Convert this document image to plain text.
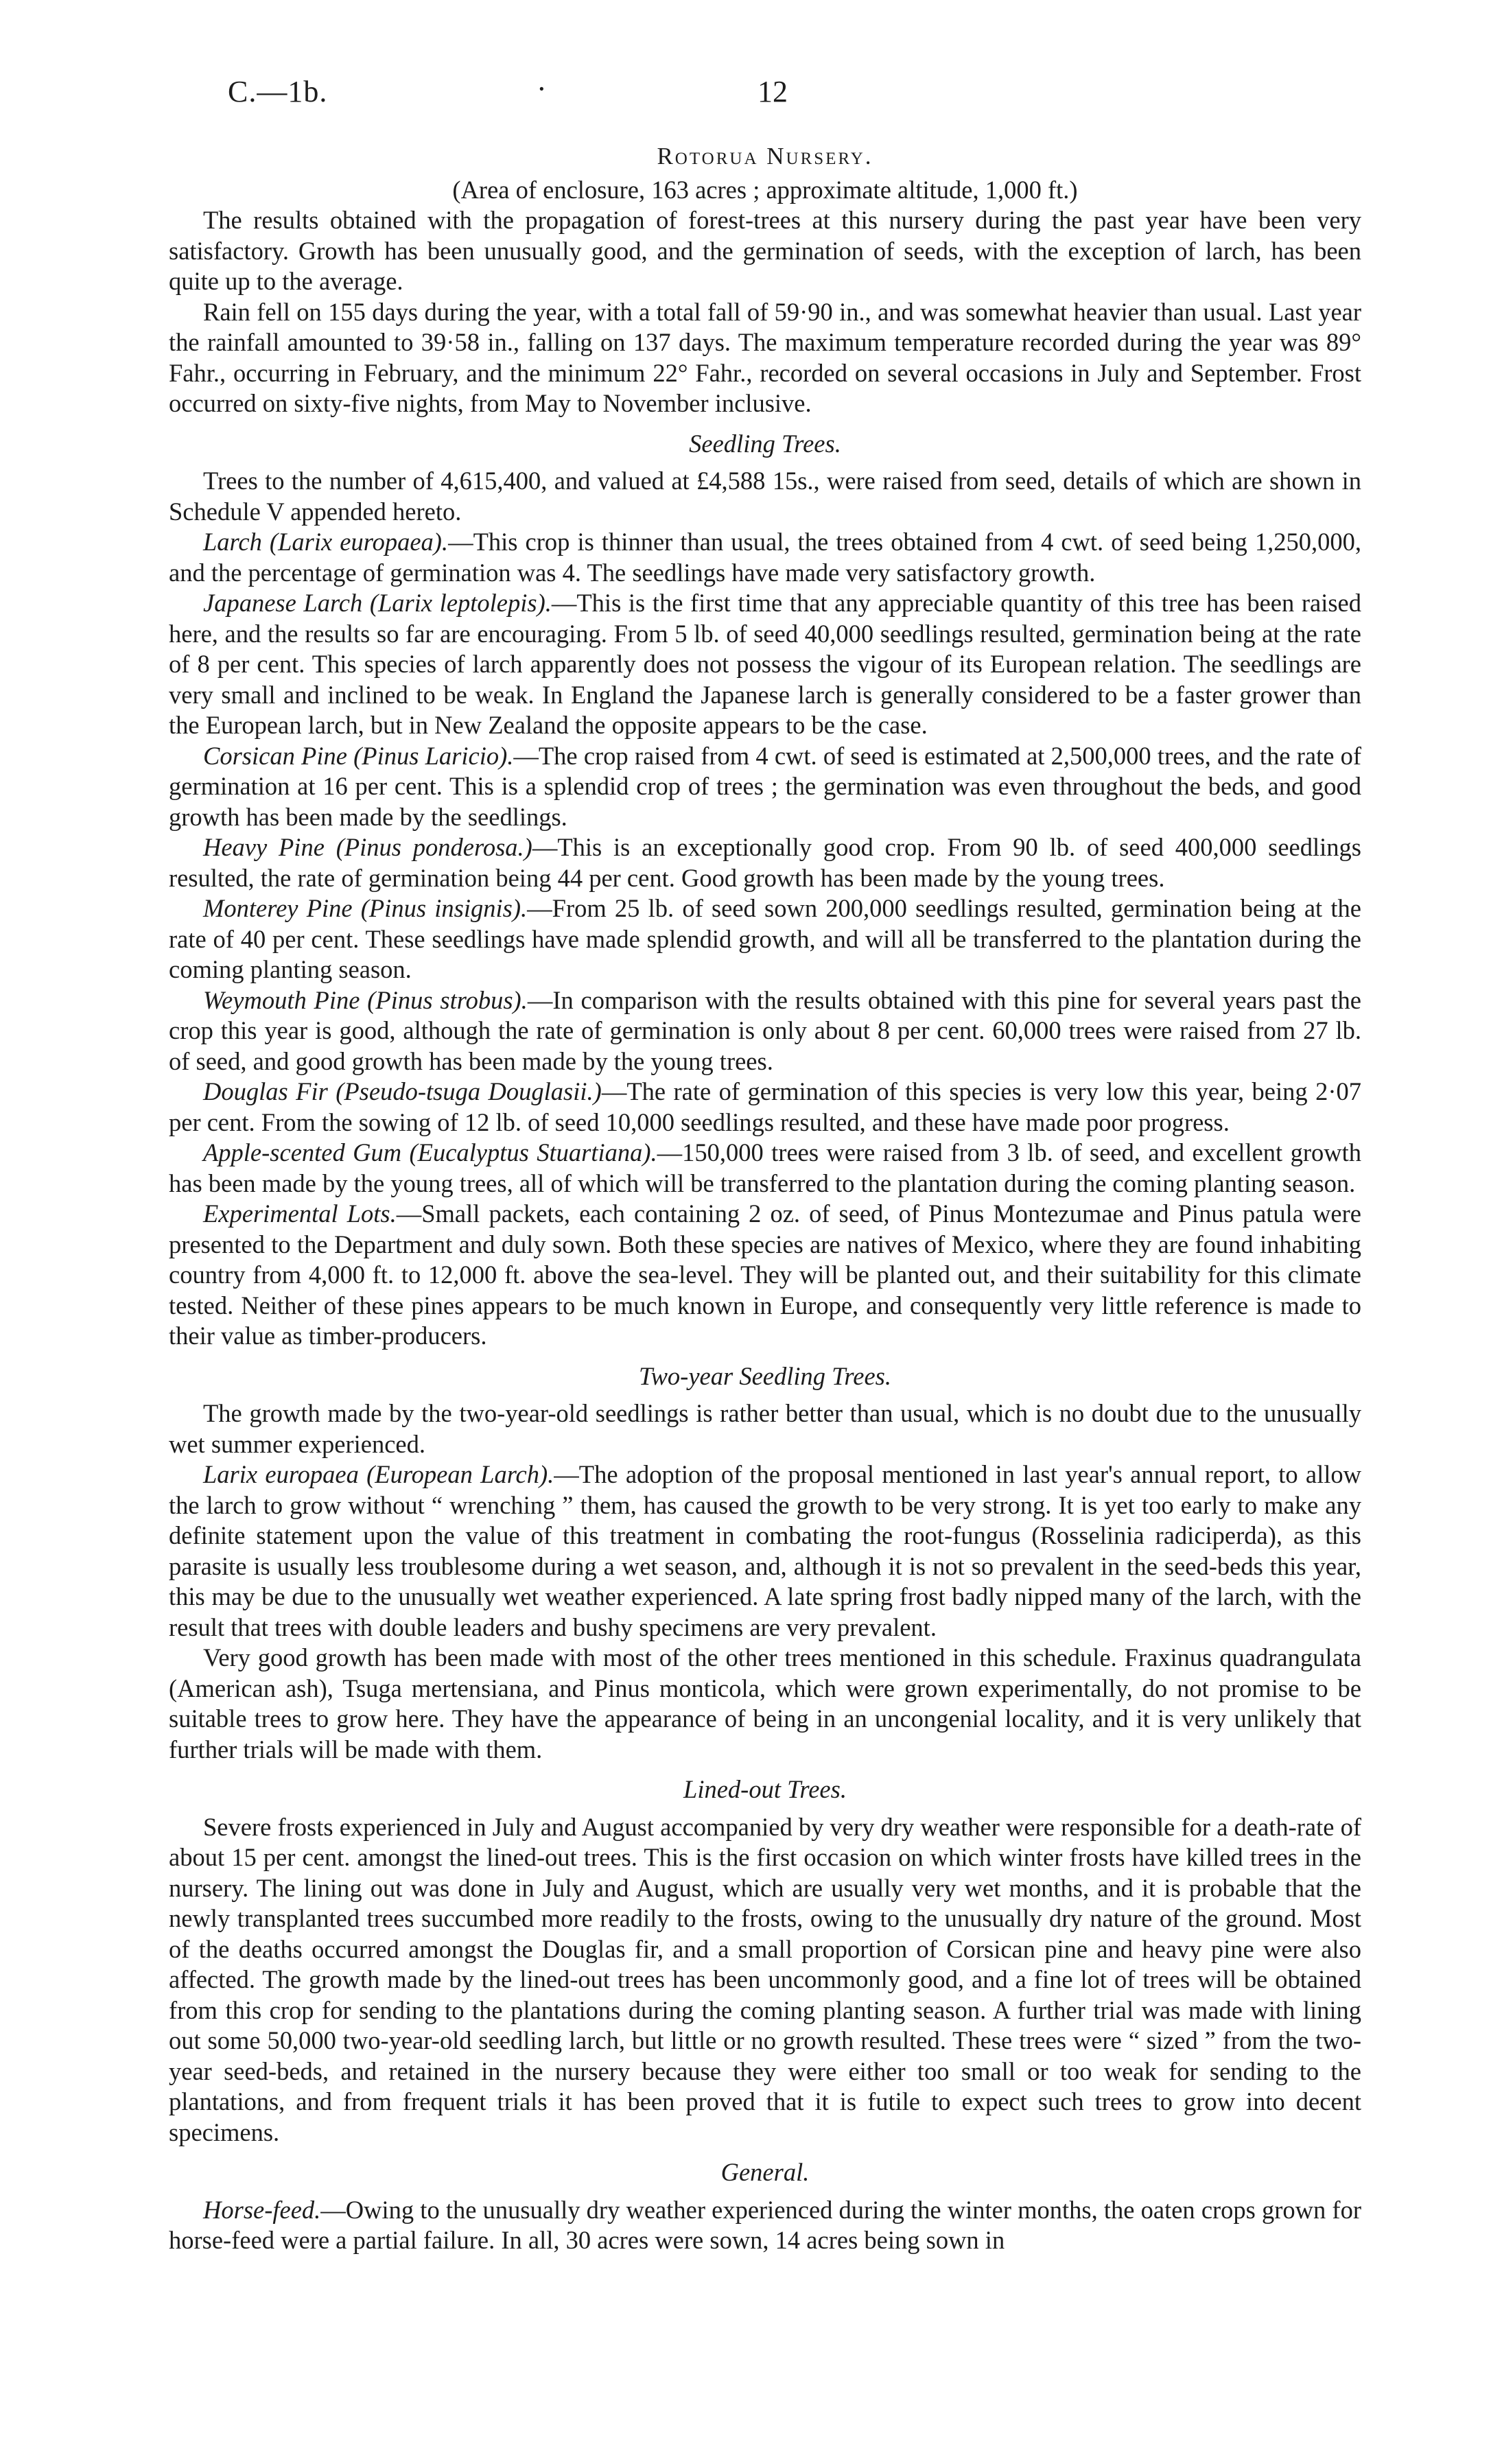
C.—1b.	·	12
Rotorua Nursery.
(Area of enclosure, 163 acres ; approximate altitude, 1,000 ft.)

The results obtained with the propagation of forest-trees at this nursery during the past year have been very satisfactory. Growth has been unusually good, and the germination of seeds, with the exception of larch, has been quite up to the average.

Rain fell on 155 days during the year, with a total fall of 59·90 in., and was somewhat heavier than usual. Last year the rainfall amounted to 39·58 in., falling on 137 days. The maximum temperature recorded during the year was 89° Fahr., occurring in February, and the minimum 22° Fahr., recorded on several occasions in July and September. Frost occurred on sixty-five nights, from May to November inclusive.

Seedling Trees.

Trees to the number of 4,615,400, and valued at £4,588 15s., were raised from seed, details of which are shown in Schedule V appended hereto.

Larch (Larix europaea).—This crop is thinner than usual, the trees obtained from 4 cwt. of seed being 1,250,000, and the percentage of germination was 4. The seedlings have made very satisfactory growth.

Japanese Larch (Larix leptolepis).—This is the first time that any appreciable quantity of this tree has been raised here, and the results so far are encouraging. From 5 lb. of seed 40,000 seedlings resulted, germination being at the rate of 8 per cent. This species of larch apparently does not possess the vigour of its European relation. The seedlings are very small and inclined to be weak. In England the Japanese larch is generally considered to be a faster grower than the European larch, but in New Zealand the opposite appears to be the case.

Corsican Pine (Pinus Laricio).—The crop raised from 4 cwt. of seed is estimated at 2,500,000 trees, and the rate of germination at 16 per cent. This is a splendid crop of trees ; the germination was even throughout the beds, and good growth has been made by the seedlings.

Heavy Pine (Pinus ponderosa.)—This is an exceptionally good crop. From 90 lb. of seed 400,000 seedlings resulted, the rate of germination being 44 per cent. Good growth has been made by the young trees.

Monterey Pine (Pinus insignis).—From 25 lb. of seed sown 200,000 seedlings resulted, germination being at the rate of 40 per cent. These seedlings have made splendid growth, and will all be transferred to the plantation during the coming planting season.

Weymouth Pine (Pinus strobus).—In comparison with the results obtained with this pine for several years past the crop this year is good, although the rate of germination is only about 8 per cent. 60,000 trees were raised from 27 lb. of seed, and good growth has been made by the young trees.

Douglas Fir (Pseudo-tsuga Douglasii.)—The rate of germination of this species is very low this year, being 2·07 per cent. From the sowing of 12 lb. of seed 10,000 seedlings resulted, and these have made poor progress.

Apple-scented Gum (Eucalyptus Stuartiana).—150,000 trees were raised from 3 lb. of seed, and excellent growth has been made by the young trees, all of which will be transferred to the plantation during the coming planting season.

Experimental Lots.—Small packets, each containing 2 oz. of seed, of Pinus Montezumae and Pinus patula were presented to the Department and duly sown. Both these species are natives of Mexico, where they are found inhabiting country from 4,000 ft. to 12,000 ft. above the sea-level. They will be planted out, and their suitability for this climate tested. Neither of these pines appears to be much known in Europe, and consequently very little reference is made to their value as timber-producers.

Two-year Seedling Trees.

The growth made by the two-year-old seedlings is rather better than usual, which is no doubt due to the unusually wet summer experienced.

Larix europaea (European Larch).—The adoption of the proposal mentioned in last year's annual report, to allow the larch to grow without “ wrenching ” them, has caused the growth to be very strong. It is yet too early to make any definite statement upon the value of this treatment in combating the root-fungus (Rosselinia radiciperda), as this parasite is usually less troublesome during a wet season, and, although it is not so prevalent in the seed-beds this year, this may be due to the unusually wet weather experienced. A late spring frost badly nipped many of the larch, with the result that trees with double leaders and bushy specimens are very prevalent.

Very good growth has been made with most of the other trees mentioned in this schedule. Fraxinus quadrangulata (American ash), Tsuga mertensiana, and Pinus monticola, which were grown experimentally, do not promise to be suitable trees to grow here. They have the appearance of being in an uncongenial locality, and it is very unlikely that further trials will be made with them.

Lined-out Trees.

Severe frosts experienced in July and August accompanied by very dry weather were responsible for a death-rate of about 15 per cent. amongst the lined-out trees. This is the first occasion on which winter frosts have killed trees in the nursery. The lining out was done in July and August, which are usually very wet months, and it is probable that the newly transplanted trees succumbed more readily to the frosts, owing to the unusually dry nature of the ground. Most of the deaths occurred amongst the Douglas fir, and a small proportion of Corsican pine and heavy pine were also affected. The growth made by the lined-out trees has been uncommonly good, and a fine lot of trees will be obtained from this crop for sending to the plantations during the coming planting season. A further trial was made with lining out some 50,000 two-year-old seedling larch, but little or no growth resulted. These trees were “ sized ” from the two-year seed-beds, and retained in the nursery because they were either too small or too weak for sending to the plantations, and from frequent trials it has been proved that it is futile to expect such trees to grow into decent specimens.

General.

Horse-feed.—Owing to the unusually dry weather experienced during the winter months, the oaten crops grown for horse-feed were a partial failure. In all, 30 acres were sown, 14 acres being sown in
